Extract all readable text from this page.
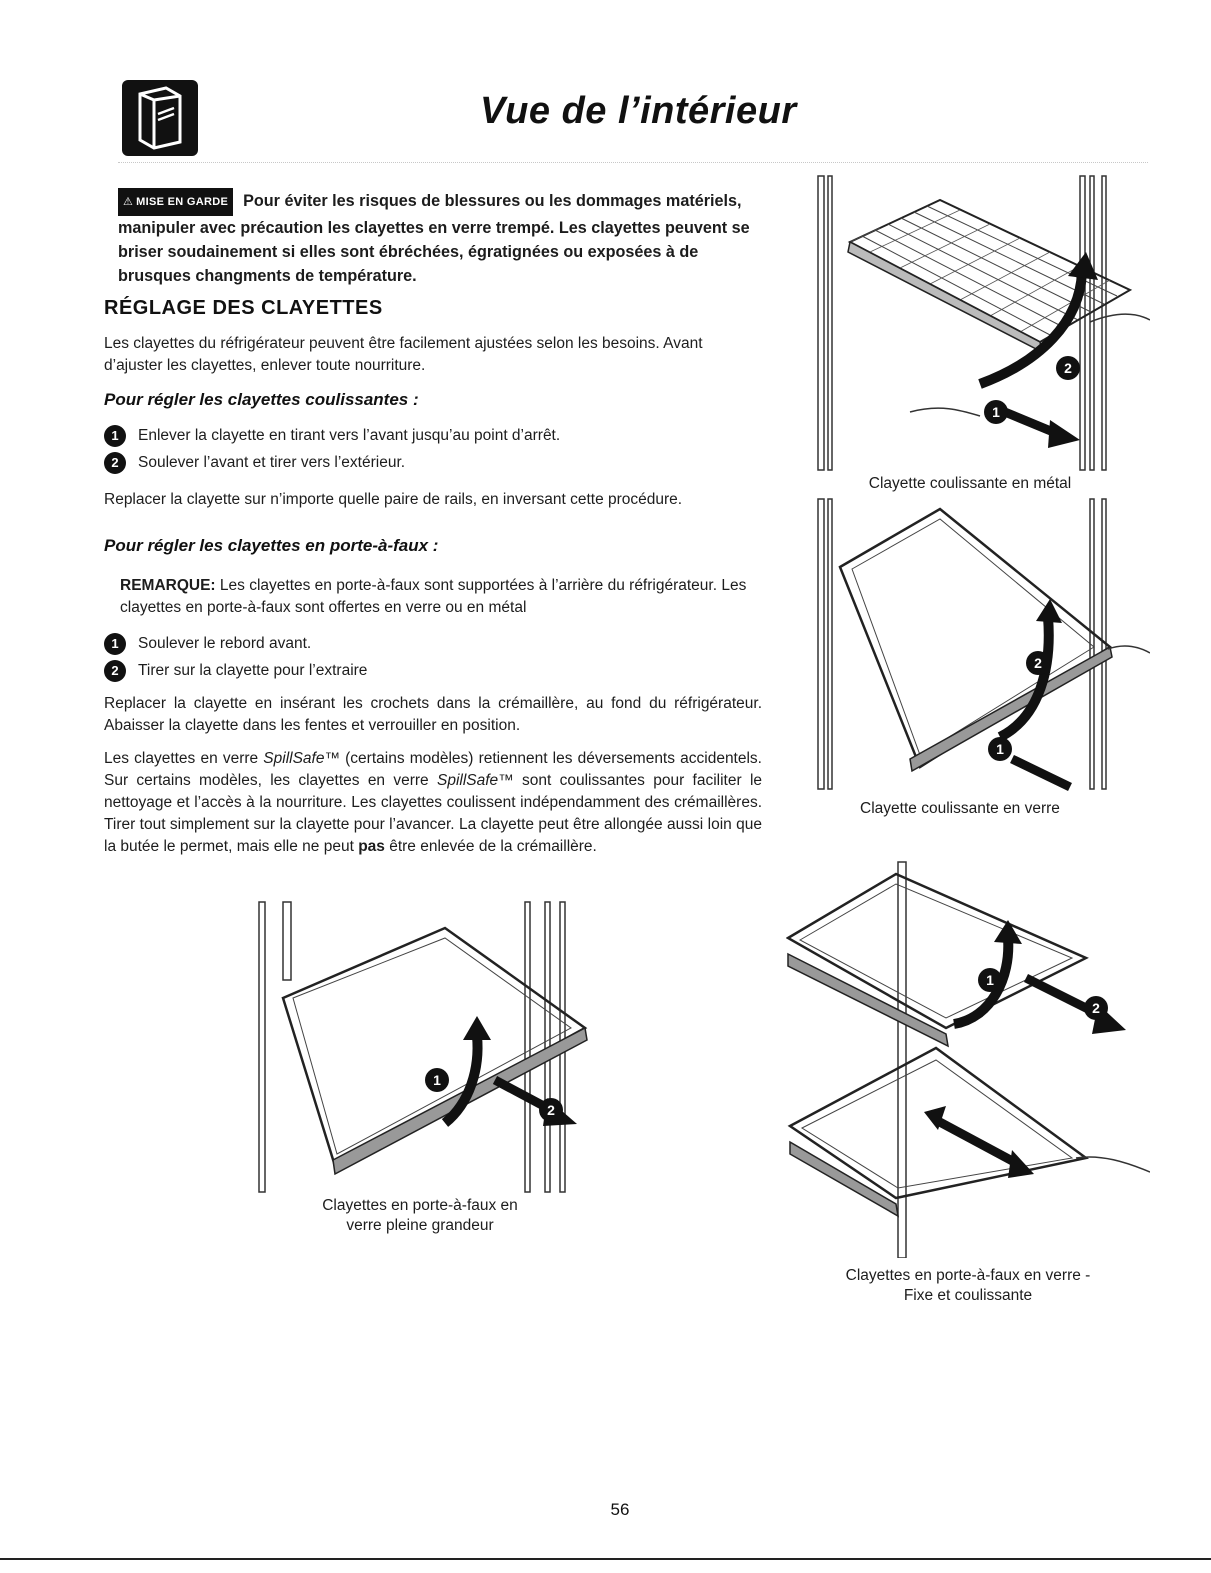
Vue de l’intérieur
⚠ MISE EN GARDE Pour éviter les risques de blessures ou les dommages matériels, manipuler avec précaution les clayettes en verre trempé. Les clayettes peuvent se briser soudainement si elles sont ébréchées, égratignées ou exposées à de brusques changments de température.
RÉGLAGE DES CLAYETTES
Les clayettes du réfrigérateur peuvent être facilement ajustées selon les besoins. Avant d’ajuster les clayettes, enlever toute nourriture.
Pour régler les clayettes coulissantes :
1 Enlever la clayette en tirant vers l’avant jusqu’au point d’arrêt.
2 Soulever l’avant et tirer vers l’extérieur.
Replacer la clayette sur n’importe quelle paire de rails, en inversant cette procédure.
Pour régler les clayettes en porte-à-faux :
REMARQUE: Les clayettes en porte-à-faux sont supportées à l’arrière du réfrigérateur. Les clayettes en porte-à-faux sont offertes en verre ou en métal
1 Soulever le rebord avant.
2 Tirer sur la clayette pour l’extraire
Replacer la clayette en insérant les crochets dans la crémaillère, au fond du réfrigérateur. Abaisser la clayette dans les fentes et verrouiller en position.
Les clayettes en verre SpillSafe™ (certains modèles) retiennent les déversements accidentels. Sur certains modèles, les clayettes en verre SpillSafe™ sont coulissantes pour faciliter le nettoyage et l’accès à la nourriture. Les clayettes coulissent indépendamment des crémaillères. Tirer tout simplement sur la clayette pour l’avancer. La clayette peut être allongée aussi loin que la butée le permet, mais elle ne peut pas être enlevée de la crémaillère.
2
1
Clayette coulissante en métal
2
1
Clayette coulissante en verre
1
2
Clayettes en porte-à-faux en
verre pleine grandeur
1
2
Clayettes en porte-à-faux en verre -
Fixe et coulissante
56
